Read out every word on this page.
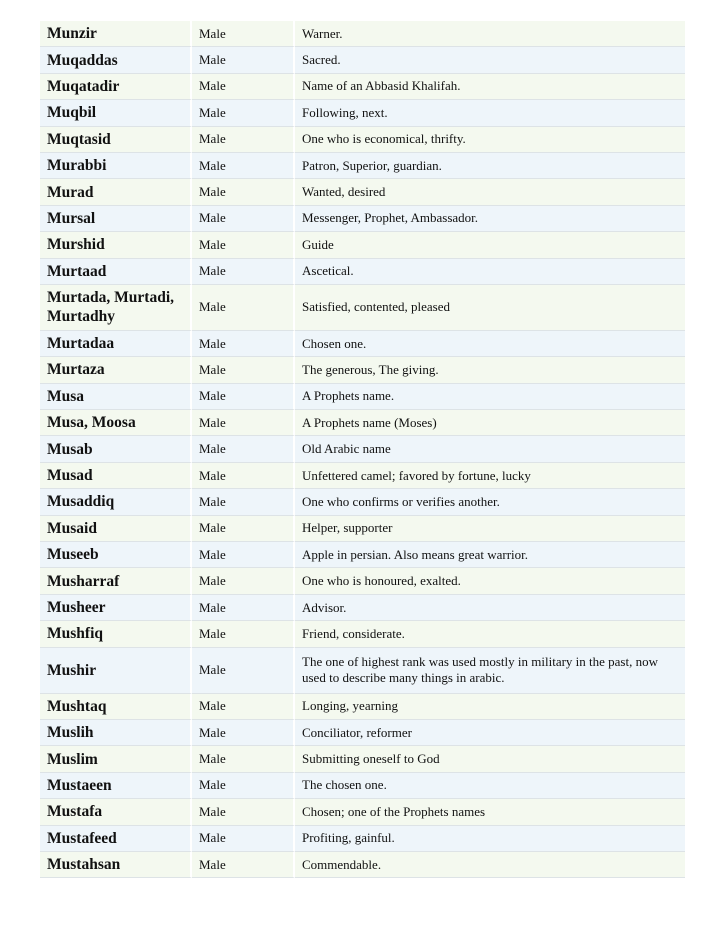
Munzir	Male	Warner.
Muqaddas	Male	Sacred.
Muqatadir	Male	Name of an Abbasid Khalifah.
Muqbil	Male	Following, next.
Muqtasid	Male	One who is economical, thrifty.
Murabbi	Male	Patron, Superior, guardian.
Murad	Male	Wanted, desired
Mursal	Male	Messenger, Prophet, Ambassador.
Murshid	Male	Guide
Murtaad	Male	Ascetical.
Murtada, Murtadi, Murtadhy	Male	Satisfied, contented, pleased
Murtadaa	Male	Chosen one.
Murtaza	Male	The generous, The giving.
Musa	Male	A Prophets name.
Musa, Moosa	Male	A Prophets name (Moses)
Musab	Male	Old Arabic name
Musad	Male	Unfettered camel; favored by fortune, lucky
Musaddiq	Male	One who confirms or verifies another.
Musaid	Male	Helper, supporter
Museeb	Male	Apple in persian. Also means great warrior.
Musharraf	Male	One who is honoured, exalted.
Musheer	Male	Advisor.
Mushfiq	Male	Friend, considerate.
Mushir	Male	The one of highest rank was used mostly in military in the past, now used to describe many things in arabic.
Mushtaq	Male	Longing, yearning
Muslih	Male	Conciliator, reformer
Muslim	Male	Submitting oneself to God
Mustaeen	Male	The chosen one.
Mustafa	Male	Chosen; one of the Prophets names
Mustafeed	Male	Profiting, gainful.
Mustahsan	Male	Commendable.
